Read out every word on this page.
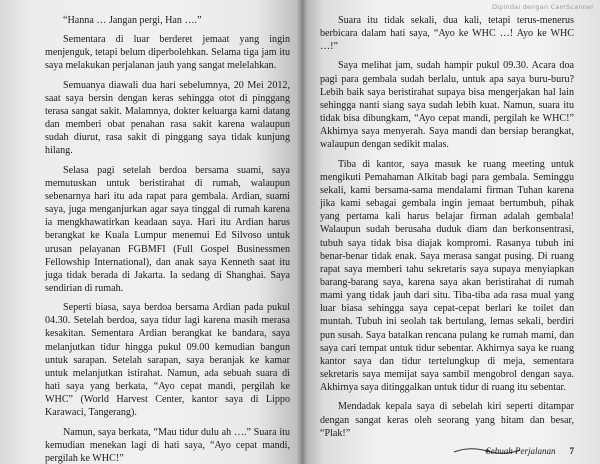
“Hanna … Jangan pergi, Han ….”

Sementara di luar berderet jemaat yang ingin menjenguk, tetapi belum diperbolehkan. Selama tiga jam itu saya melakukan perjalanan jauh yang sangat melelahkan.

Semuanya diawali dua hari sebelumnya, 20 Mei 2012, saat saya bersin dengan keras sehingga otot di pinggang terasa sangat sakit. Malamnya, dokter keluarga kami datang dan memberi obat penahan rasa sakit karena walaupun sudah diurut, rasa sakit di pinggang saya tidak kunjung hilang.

Selasa pagi setelah berdoa bersama suami, saya memutuskan untuk beristirahat di rumah, walaupun sebenarnya hari itu ada rapat para gembala. Ardian, suami saya, juga menganjurkan agar saya tinggal di rumah karena ia mengkhawatirkan keadaan saya. Hari itu Ardian harus berangkat ke Kuala Lumpur menemui Ed Silvoso untuk urusan pelayanan FGBMFI (Full Gospel Businessmen Fellowship International), dan anak saya Kenneth saat itu juga tidak berada di Jakarta. Ia sedang di Shanghai. Saya sendirian di rumah.

Seperti biasa, saya berdoa bersama Ardian pada pukul 04.30. Setelah berdoa, saya tidur lagi karena masih merasa kesakitan. Sementara Ardian berangkat ke bandara, saya melanjutkan tidur hingga pukul 09.00 kemudian bangun untuk sarapan. Setelah sarapan, saya beranjak ke kamar untuk melanjutkan istirahat. Namun, ada sebuah suara di hati saya yang berkata, “Ayo cepat mandi, pergilah ke WHC” (World Harvest Center, kantor saya di Lippo Karawaci, Tangerang).

Namun, saya berkata, “Mau tidur dulu ah ….” Suara itu kemudian menekan lagi di hati saya, “Ayo cepat mandi, pergilah ke WHC!”

Suara itu tidak sekali, dua kali, tetapi terus-menerus berbicara dalam hati saya, “Ayo ke WHC …! Ayo ke WHC …!”

Saya melihat jam, sudah hampir pukul 09.30. Acara doa pagi para gembala sudah berlalu, untuk apa saya buru-buru? Lebih baik saya beristirahat supaya bisa mengerjakan hal lain sehingga nanti siang saya sudah lebih kuat. Namun, suara itu tidak bisa dibungkam, “Ayo cepat mandi, pergilah ke WHC!” Akhirnya saya menyerah. Saya mandi dan bersiap berangkat, walaupun dengan sedikit malas.

Tiba di kantor, saya masuk ke ruang meeting untuk mengikuti Pemahaman Alkitab bagi para gembala. Seminggu sekali, kami bersama-sama mendalami firman Tuhan karena jika kami sebagai gembala ingin jemaat bertumbuh, pihak yang pertama kali harus belajar firman adalah gembala! Walaupun sudah berusaha duduk diam dan berkonsentrasi, tubuh saya tidak bisa diajak kompromi. Rasanya tubuh ini benar-benar tidak enak. Saya merasa sangat pusing. Di ruang rapat saya memberi tahu sekretaris saya supaya menyiapkan barang-barang saya, karena saya akan beristirahat di rumah mami yang tidak jauh dari situ. Tiba-tiba ada rasa mual yang luar biasa sehingga saya cepat-cepat berlari ke toilet dan muntah. Tubuh ini seolah tak bertulang, lemas sekali, berdiri pun susah. Saya batalkan rencana pulang ke rumah mami, dan saya cari tempat untuk tidur sebentar. Akhirnya saya ke ruang kantor saya dan tidur tertelungkup di meja, sementara sekretaris saya memijat saya sambil mengobrol dengan saya. Akhirnya saya ditinggalkan untuk tidur di ruang itu sebentar.

Mendadak kepala saya di sebelah kiri seperti ditampar dengan sangat keras oleh seorang yang hitam dan besar, “Plak!”

Sebuah Perjalanan 7
Dipindai dengan CamScanner
